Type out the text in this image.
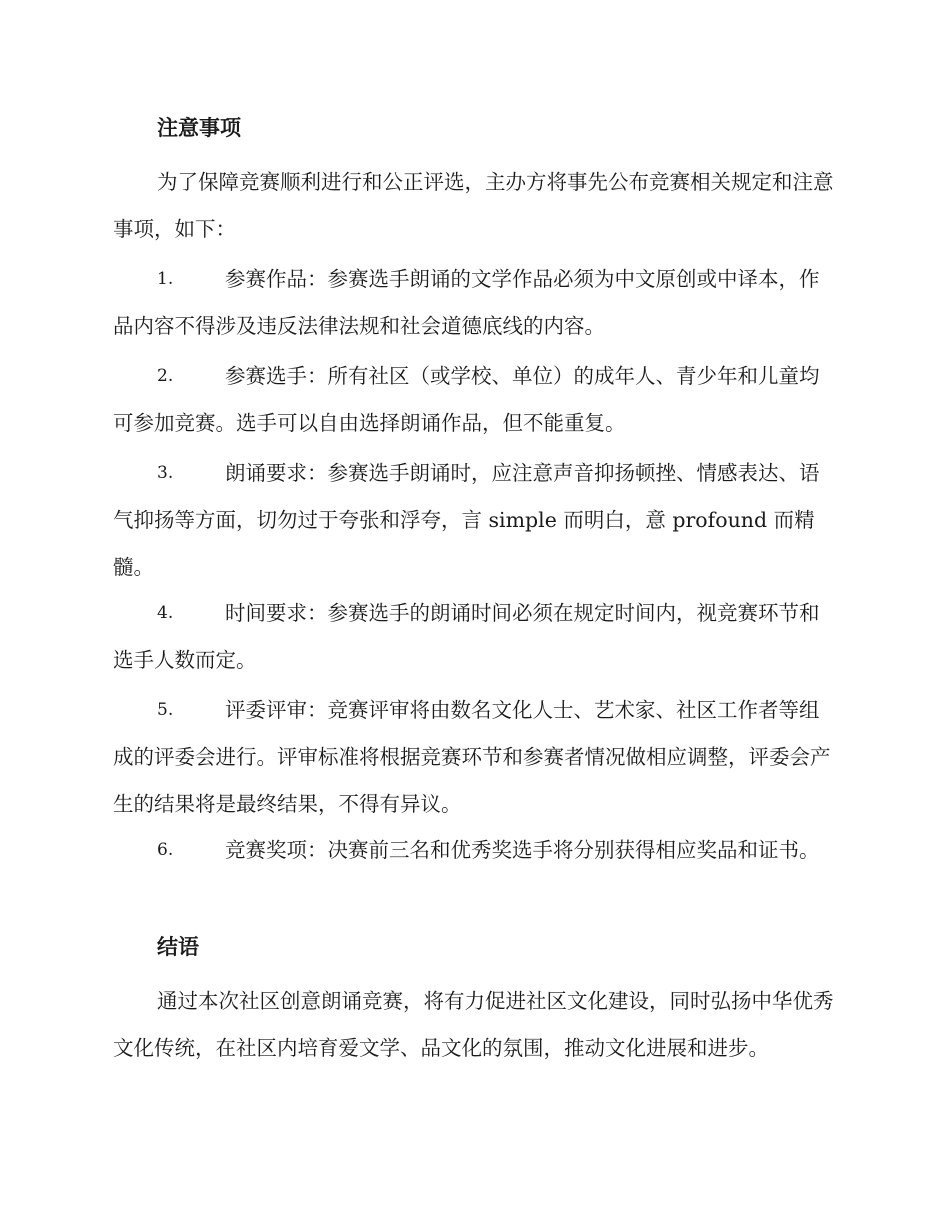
注意事项

为了保障竞赛顺利进行和公正评选，主办方将事先公布竞赛相关规定和注意事项，如下：

1.	参赛作品：参赛选手朗诵的文学作品必须为中文原创或中译本，作品内容不得涉及违反法律法规和社会道德底线的内容。
2.	参赛选手：所有社区（或学校、单位）的成年人、青少年和儿童均可参加竞赛。选手可以自由选择朗诵作品，但不能重复。
3.	朗诵要求：参赛选手朗诵时，应注意声音抑扬顿挫、情感表达、语气抑扬等方面，切勿过于夸张和浮夸，言 simple 而明白，意 profound 而精髓。
4.	时间要求：参赛选手的朗诵时间必须在规定时间内，视竞赛环节和选手人数而定。
5.	评委评审：竞赛评审将由数名文化人士、艺术家、社区工作者等组成的评委会进行。评审标准将根据竞赛环节和参赛者情况做相应调整，评委会产生的结果将是最终结果，不得有异议。
6.	竞赛奖项：决赛前三名和优秀奖选手将分别获得相应奖品和证书。
结语

通过本次社区创意朗诵竞赛，将有力促进社区文化建设，同时弘扬中华优秀文化传统，在社区内培育爱文学、品文化的氛围，推动文化进展和进步。
